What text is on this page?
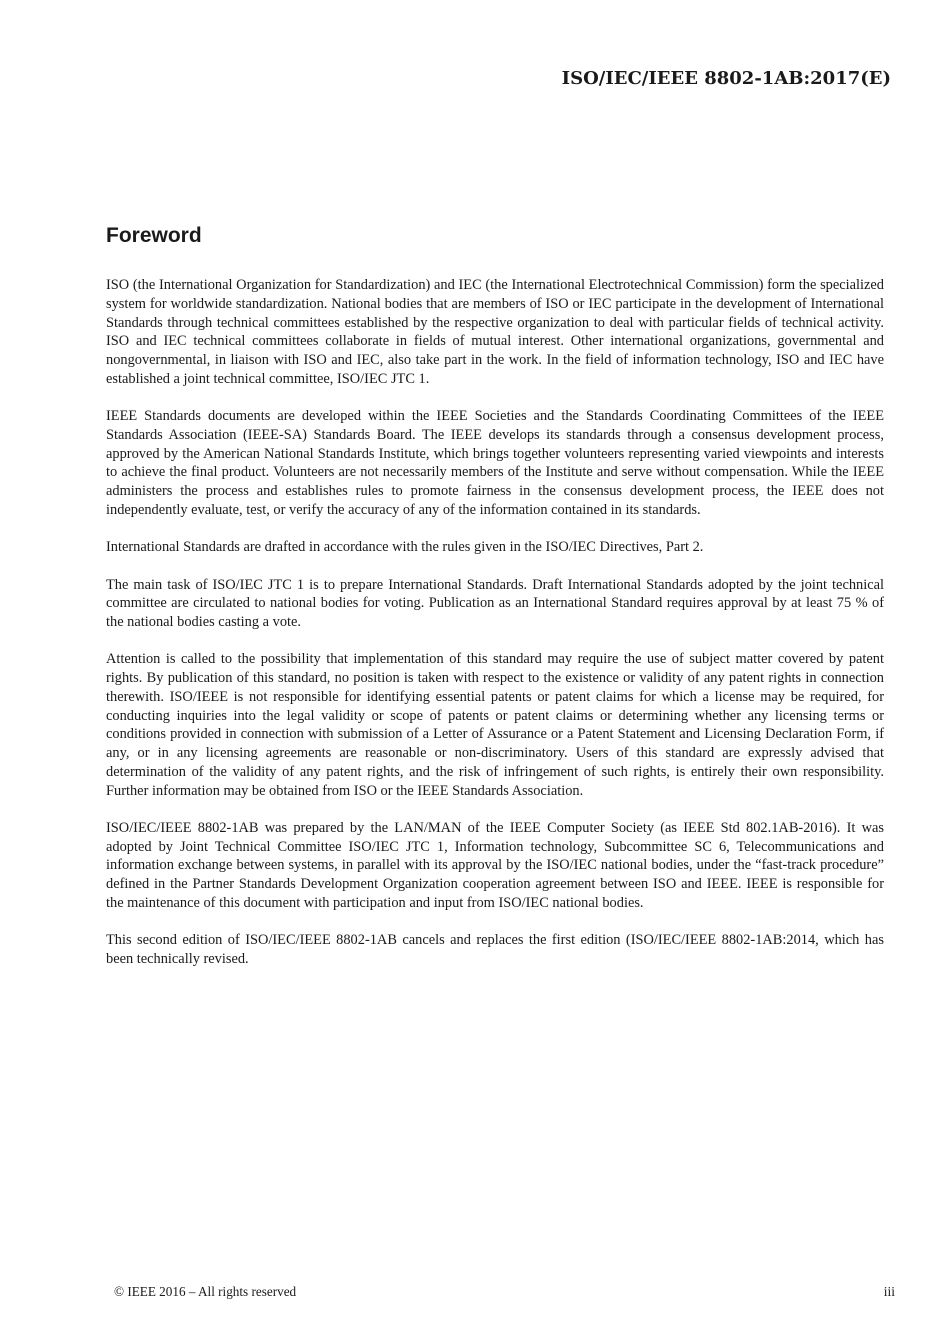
ISO/IEC/IEEE 8802-1AB:2017(E)
Foreword

ISO (the International Organization for Standardization) and IEC (the International Electrotechnical Commission) form the specialized system for worldwide standardization. National bodies that are members of ISO or IEC participate in the development of International Standards through technical committees established by the respective organization to deal with particular fields of technical activity. ISO and IEC technical committees collaborate in fields of mutual interest. Other international organizations, governmental and nongovernmental, in liaison with ISO and IEC, also take part in the work. In the field of information technology, ISO and IEC have established a joint technical committee, ISO/IEC JTC 1.

IEEE Standards documents are developed within the IEEE Societies and the Standards Coordinating Committees of the IEEE Standards Association (IEEE-SA) Standards Board. The IEEE develops its standards through a consensus development process, approved by the American National Standards Institute, which brings together volunteers representing varied viewpoints and interests to achieve the final product. Volunteers are not necessarily members of the Institute and serve without compensation. While the IEEE administers the process and establishes rules to promote fairness in the consensus development process, the IEEE does not independently evaluate, test, or verify the accuracy of any of the information contained in its standards.

International Standards are drafted in accordance with the rules given in the ISO/IEC Directives, Part 2.

The main task of ISO/IEC JTC 1 is to prepare International Standards. Draft International Standards adopted by the joint technical committee are circulated to national bodies for voting. Publication as an International Standard requires approval by at least 75 % of the national bodies casting a vote.

Attention is called to the possibility that implementation of this standard may require the use of subject matter covered by patent rights. By publication of this standard, no position is taken with respect to the existence or validity of any patent rights in connection therewith. ISO/IEEE is not responsible for identifying essential patents or patent claims for which a license may be required, for conducting inquiries into the legal validity or scope of patents or patent claims or determining whether any licensing terms or conditions provided in connection with submission of a Letter of Assurance or a Patent Statement and Licensing Declaration Form, if any, or in any licensing agreements are reasonable or non-discriminatory. Users of this standard are expressly advised that determination of the validity of any patent rights, and the risk of infringement of such rights, is entirely their own responsibility. Further information may be obtained from ISO or the IEEE Standards Association.

ISO/IEC/IEEE 8802-1AB was prepared by the LAN/MAN of the IEEE Computer Society (as IEEE Std 802.1AB-2016). It was adopted by Joint Technical Committee ISO/IEC JTC 1, Information technology, Subcommittee SC 6, Telecommunications and information exchange between systems, in parallel with its approval by the ISO/IEC national bodies, under the “fast-track procedure” defined in the Partner Standards Development Organization cooperation agreement between ISO and IEEE. IEEE is responsible for the maintenance of this document with participation and input from ISO/IEC national bodies.

This second edition of ISO/IEC/IEEE 8802-1AB cancels and replaces the first edition (ISO/IEC/IEEE 8802-1AB:2014, which has been technically revised.

© IEEE 2016 – All rights reserved	iii
